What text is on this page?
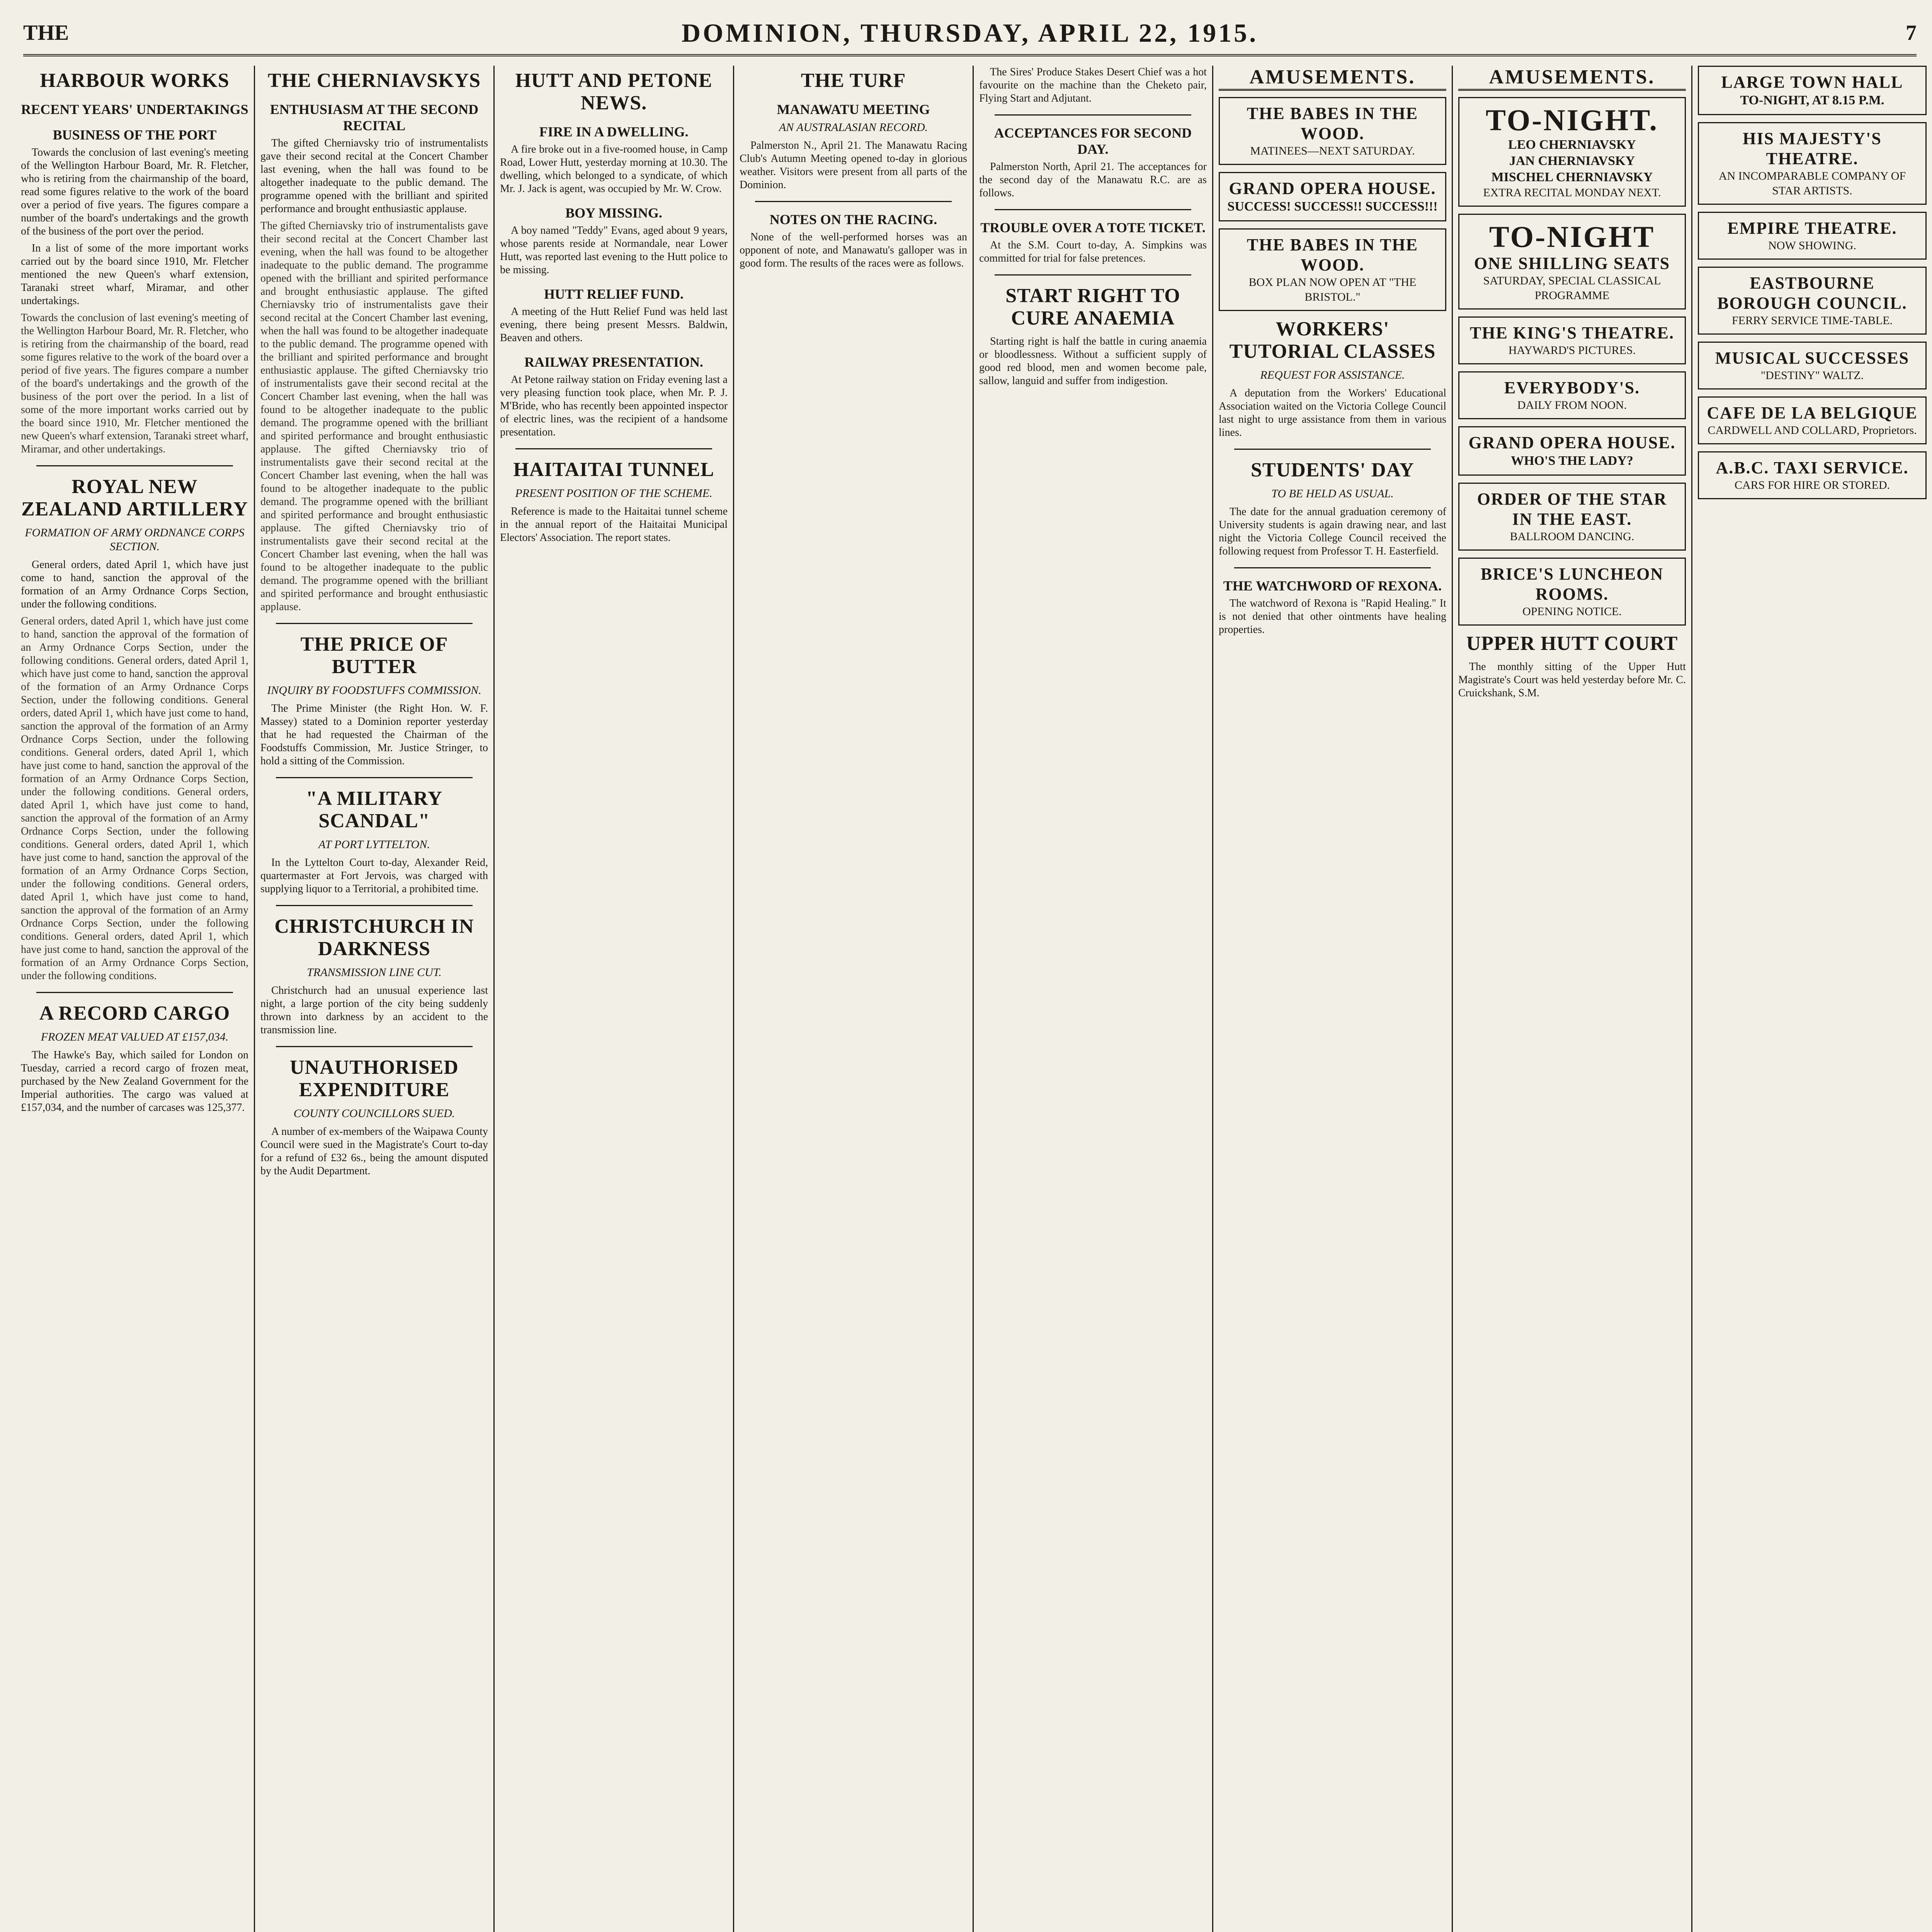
THE	DOMINION, THURSDAY, APRIL 22, 1915.	7
HARBOUR WORKS
RECENT YEARS' UNDERTAKINGS
BUSINESS OF THE PORT

Towards the conclusion of last evening's meeting of the Wellington Harbour Board, Mr. R. Fletcher, who is retiring from the chairmanship of the board, read some figures relative to the work of the board over a period of five years. The figures compare a number of the board's undertakings and the growth of the business of the port over the period.

In a list of some of the more important works carried out by the board since 1910, Mr. Fletcher mentioned the new Queen's wharf extension, Taranaki street wharf, Miramar, and other undertakings.

Towards the conclusion of last evening's meeting of the Wellington Harbour Board, Mr. R. Fletcher, who is retiring from the chairmanship of the board, read some figures relative to the work of the board over a period of five years. The figures compare a number of the board's undertakings and the growth of the business of the port over the period. In a list of some of the more important works carried out by the board since 1910, Mr. Fletcher mentioned the new Queen's wharf extension, Taranaki street wharf, Miramar, and other undertakings.
ROYAL NEW ZEALAND ARTILLERY
FORMATION OF ARMY ORDNANCE CORPS SECTION.

General orders, dated April 1, which have just come to hand, sanction the approval of the formation of an Army Ordnance Corps Section, under the following conditions.

General orders, dated April 1, which have just come to hand, sanction the approval of the formation of an Army Ordnance Corps Section, under the following conditions. General orders, dated April 1, which have just come to hand, sanction the approval of the formation of an Army Ordnance Corps Section, under the following conditions. General orders, dated April 1, which have just come to hand, sanction the approval of the formation of an Army Ordnance Corps Section, under the following conditions. General orders, dated April 1, which have just come to hand, sanction the approval of the formation of an Army Ordnance Corps Section, under the following conditions. General orders, dated April 1, which have just come to hand, sanction the approval of the formation of an Army Ordnance Corps Section, under the following conditions. General orders, dated April 1, which have just come to hand, sanction the approval of the formation of an Army Ordnance Corps Section, under the following conditions. General orders, dated April 1, which have just come to hand, sanction the approval of the formation of an Army Ordnance Corps Section, under the following conditions. General orders, dated April 1, which have just come to hand, sanction the approval of the formation of an Army Ordnance Corps Section, under the following conditions.
A RECORD CARGO
FROZEN MEAT VALUED AT £157,034.

The Hawke's Bay, which sailed for London on Tuesday, carried a record cargo of frozen meat, purchased by the New Zealand Government for the Imperial authorities. The cargo was valued at £157,034, and the number of carcases was 125,377.

THE CHERNIAVSKYS
ENTHUSIASM AT THE SECOND RECITAL

The gifted Cherniavsky trio of instrumentalists gave their second recital at the Concert Chamber last evening, when the hall was found to be altogether inadequate to the public demand. The programme opened with the brilliant and spirited performance and brought enthusiastic applause.

The gifted Cherniavsky trio of instrumentalists gave their second recital at the Concert Chamber last evening, when the hall was found to be altogether inadequate to the public demand. The programme opened with the brilliant and spirited performance and brought enthusiastic applause. The gifted Cherniavsky trio of instrumentalists gave their second recital at the Concert Chamber last evening, when the hall was found to be altogether inadequate to the public demand. The programme opened with the brilliant and spirited performance and brought enthusiastic applause. The gifted Cherniavsky trio of instrumentalists gave their second recital at the Concert Chamber last evening, when the hall was found to be altogether inadequate to the public demand. The programme opened with the brilliant and spirited performance and brought enthusiastic applause. The gifted Cherniavsky trio of instrumentalists gave their second recital at the Concert Chamber last evening, when the hall was found to be altogether inadequate to the public demand. The programme opened with the brilliant and spirited performance and brought enthusiastic applause. The gifted Cherniavsky trio of instrumentalists gave their second recital at the Concert Chamber last evening, when the hall was found to be altogether inadequate to the public demand. The programme opened with the brilliant and spirited performance and brought enthusiastic applause.
THE PRICE OF BUTTER
INQUIRY BY FOODSTUFFS COMMISSION.

The Prime Minister (the Right Hon. W. F. Massey) stated to a Dominion reporter yesterday that he had requested the Chairman of the Foodstuffs Commission, Mr. Justice Stringer, to hold a sitting of the Commission.

"A MILITARY SCANDAL"
AT PORT LYTTELTON.

In the Lyttelton Court to-day, Alexander Reid, quartermaster at Fort Jervois, was charged with supplying liquor to a Territorial, a prohibited time.

CHRISTCHURCH IN DARKNESS
TRANSMISSION LINE CUT.

Christchurch had an unusual experience last night, a large portion of the city being suddenly thrown into darkness by an accident to the transmission line.

UNAUTHORISED EXPENDITURE
COUNTY COUNCILLORS SUED.

A number of ex-members of the Waipawa County Council were sued in the Magistrate's Court to-day for a refund of £32 6s., being the amount disputed by the Audit Department.

HUTT AND PETONE NEWS.
FIRE IN A DWELLING.

A fire broke out in a five-roomed house, in Camp Road, Lower Hutt, yesterday morning at 10.30. The dwelling, which belonged to a syndicate, of which Mr. J. Jack is agent, was occupied by Mr. W. Crow.

BOY MISSING.

A boy named "Teddy" Evans, aged about 9 years, whose parents reside at Normandale, near Lower Hutt, was reported last evening to the Hutt police to be missing.

HUTT RELIEF FUND.

A meeting of the Hutt Relief Fund was held last evening, there being present Messrs. Baldwin, Beaven and others.

RAILWAY PRESENTATION.

At Petone railway station on Friday evening last a very pleasing function took place, when Mr. P. J. M'Bride, who has recently been appointed inspector of electric lines, was the recipient of a handsome presentation.

HAITAITAI TUNNEL
PRESENT POSITION OF THE SCHEME.

Reference is made to the Haitaitai tunnel scheme in the annual report of the Haitaitai Municipal Electors' Association. The report states.

THE TURF
MANAWATU MEETING
AN AUSTRALASIAN RECORD.

Palmerston N., April 21. The Manawatu Racing Club's Autumn Meeting opened to-day in glorious weather. Visitors were present from all parts of the Dominion.

NOTES ON THE RACING.

None of the well-performed horses was an opponent of note, and Manawatu's galloper was in good form. The results of the races were as follows.

The Sires' Produce Stakes Desert Chief was a hot favourite on the machine than the Cheketo pair, Flying Start and Adjutant.

ACCEPTANCES FOR SECOND DAY.

Palmerston North, April 21. The acceptances for the second day of the Manawatu R.C. are as follows.

TROUBLE OVER A TOTE TICKET.

At the S.M. Court to-day, A. Simpkins was committed for trial for false pretences.

START RIGHT TO CURE ANAEMIA

Starting right is half the battle in curing anaemia or bloodlessness. Without a sufficient supply of good red blood, men and women become pale, sallow, languid and suffer from indigestion.

AMUSEMENTS.
THE BABES IN THE WOOD.
MATINEES—NEXT SATURDAY.
GRAND OPERA HOUSE.
SUCCESS! SUCCESS!! SUCCESS!!!
THE BABES IN THE WOOD.
BOX PLAN NOW OPEN AT "THE BRISTOL."
WORKERS' TUTORIAL CLASSES
REQUEST FOR ASSISTANCE.

A deputation from the Workers' Educational Association waited on the Victoria College Council last night to urge assistance from them in various lines.

STUDENTS' DAY
TO BE HELD AS USUAL.

The date for the annual graduation ceremony of University students is again drawing near, and last night the Victoria College Council received the following request from Professor T. H. Easterfield.

THE WATCHWORD OF REXONA.

The watchword of Rexona is "Rapid Healing." It is not denied that other ointments have healing properties.

AMUSEMENTS.
TO-NIGHT.
LEO CHERNIAVSKY
JAN CHERNIAVSKY
MISCHEL CHERNIAVSKY
EXTRA RECITAL MONDAY NEXT.
TO-NIGHT
ONE SHILLING SEATS
SATURDAY, SPECIAL CLASSICAL PROGRAMME
THE KING'S THEATRE.
HAYWARD'S PICTURES.
EVERYBODY'S.
DAILY FROM NOON.
GRAND OPERA HOUSE.
WHO'S THE LADY?
ORDER OF THE STAR IN THE EAST.
BALLROOM DANCING.
BRICE'S LUNCHEON ROOMS.
OPENING NOTICE.
UPPER HUTT COURT

The monthly sitting of the Upper Hutt Magistrate's Court was held yesterday before Mr. C. Cruickshank, S.M.

LARGE TOWN HALL
TO-NIGHT, AT 8.15 P.M.
HIS MAJESTY'S THEATRE.
AN INCOMPARABLE COMPANY OF STAR ARTISTS.
EMPIRE THEATRE.
NOW SHOWING.
EASTBOURNE BOROUGH COUNCIL.
FERRY SERVICE TIME-TABLE.
MUSICAL SUCCESSES
"DESTINY" WALTZ.
CAFE DE LA BELGIQUE
CARDWELL AND COLLARD, Proprietors.
A.B.C. TAXI SERVICE.
CARS FOR HIRE OR STORED.
